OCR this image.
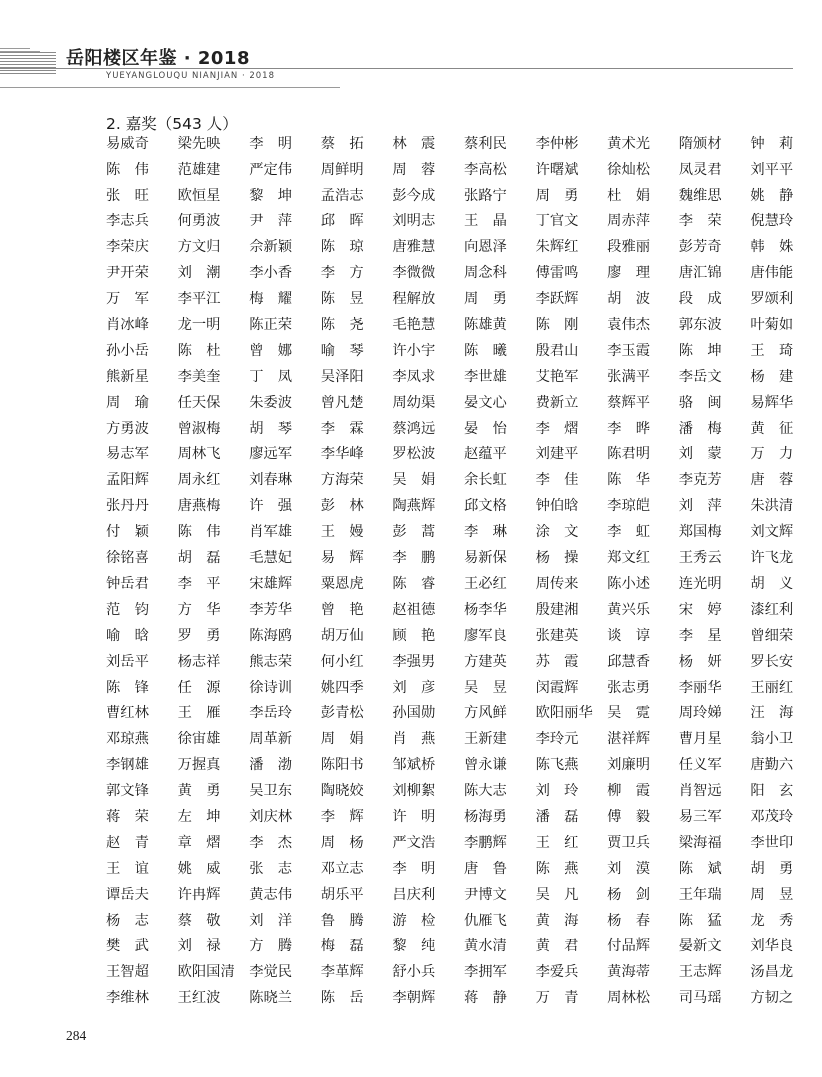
岳阳楼区年鉴 · 2018
YUEYANGLOUQU NIANJIAN · 2018
2. 嘉奖（543 人）
易威奇	梁先映	李明	蔡拓	林震	蔡利民	李仲彬	黄术光	隋颁材	钟莉
陈伟	范雄建	严定伟	周鲜明	周蓉	李高松	许曙斌	徐灿松	凤灵君	刘平平
张旺	欧恒星	黎坤	孟浩志	彭今成	张路宁	周勇	杜娟	魏维思	姚静
李志兵	何勇波	尹萍	邱晖	刘明志	王晶	丁官文	周赤萍	李荣	倪慧玲
李荣庆	方文归	佘新颖	陈琼	唐雅慧	向恩泽	朱辉红	段雅丽	彭芳奇	韩姝
尹开荣	刘潮	李小香	李方	李微微	周念科	傅雷鸣	廖理	唐汇锦	唐伟能
万军	李平江	梅耀	陈昱	程解放	周勇	李跃辉	胡波	段成	罗颂利
肖冰峰	龙一明	陈正荣	陈尧	毛艳慧	陈雄黄	陈刚	袁伟杰	郭东波	叶菊如
孙小岳	陈杜	曾娜	喻琴	许小宇	陈曦	殷君山	李玉霞	陈坤	王琦
熊新星	李美奎	丁凤	吴泽阳	李凤求	李世雄	艾艳军	张满平	李岳文	杨建
周瑜	任天保	朱委波	曾凡楚	周幼渠	晏文心	费新立	蔡辉平	骆闽	易辉华
方勇波	曾淑梅	胡琴	李霖	蔡鸿远	晏怡	李熠	李晔	潘梅	黄征
易志军	周林飞	廖远军	李华峰	罗松波	赵蕴平	刘建平	陈君明	刘蒙	万力
孟阳辉	周永红	刘春琳	方海荣	吴娟	余长虹	李佳	陈华	李克芳	唐蓉
张丹丹	唐燕梅	许强	彭林	陶燕辉	邱文格	钟伯晗	李琼皑	刘萍	朱洪清
付颖	陈伟	肖军雄	王嫚	彭蒿	李琳	涂文	李虹	郑国梅	刘文辉
徐铭喜	胡磊	毛慧妃	易辉	李鹏	易新保	杨操	郑文红	王秀云	许飞龙
钟岳君	李平	宋雄辉	粟恩虎	陈睿	王必红	周传来	陈小述	连光明	胡义
范钧	方华	李芳华	曾艳	赵祖德	杨李华	殷建湘	黄兴乐	宋婷	漆红利
喻晗	罗勇	陈海鸥	胡万仙	顾艳	廖军良	张建英	谈谆	李星	曾细荣
刘岳平	杨志祥	熊志荣	何小红	李强男	方建英	苏霞	邱慧香	杨妍	罗长安
陈锋	任源	徐诗训	姚四季	刘彦	吴昱	闵霞辉	张志勇	李丽华	王丽红
曹红林	王雁	李岳玲	彭青松	孙国勋	方风鲜	欧阳丽华	吴霓	周玲娣	汪海
邓琼燕	徐宙雄	周革新	周娟	肖燕	王新建	李玲元	湛祥辉	曹月星	翁小卫
李钢雄	万握真	潘渤	陈阳书	邹斌桥	曾永谦	陈飞燕	刘廉明	任义军	唐勤六
郭文锋	黄勇	吴卫东	陶晓姣	刘柳絮	陈大志	刘玲	柳霞	肖智远	阳玄
蒋荣	左坤	刘庆林	李辉	许明	杨海勇	潘磊	傅毅	易三军	邓茂玲
赵青	章熠	李杰	周杨	严文浩	李鹏辉	王红	贾卫兵	梁海福	李世印
王谊	姚威	张志	邓立志	李明	唐鲁	陈燕	刘漠	陈斌	胡勇
谭岳夫	许冉辉	黄志伟	胡乐平	吕庆利	尹博文	吴凡	杨剑	王年瑞	周昱
杨志	蔡敬	刘洋	鲁腾	游检	仇雁飞	黄海	杨春	陈猛	龙秀
樊武	刘禄	方腾	梅磊	黎纯	黄水清	黄君	付品辉	晏新文	刘华良
王智超	欧阳国清	李觉民	李革辉	舒小兵	李拥军	李爱兵	黄海蒂	王志辉	汤昌龙
李维林	王红波	陈晓兰	陈岳	李朝辉	蒋静	万青	周林松	司马瑶	方韧之
284
